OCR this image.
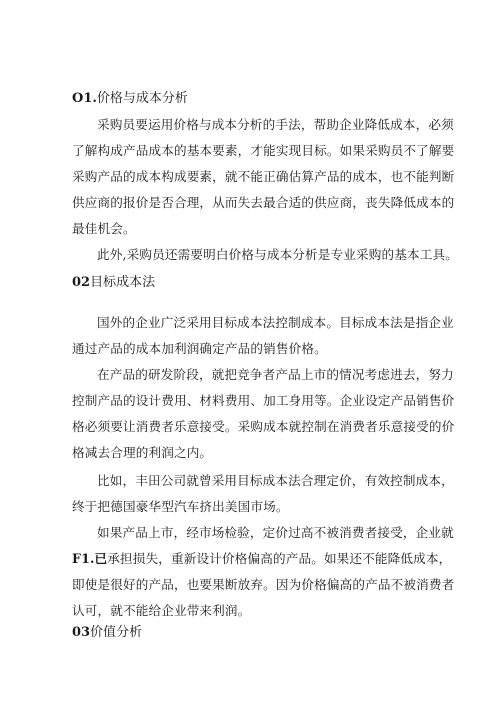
O1.价格与成本分析
采购员要运用价格与成本分析的手法，帮助企业降低成本，必须
了解构成产品成本的基本要素，才能实现目标。如果采购员不了解要
采购产品的成本构成要素，就不能正确估算产品的成本，也不能判断
供应商的报价是否合理，从而失去最合适的供应商，丧失降低成本的
最佳机会。
此外,采购员还需要明白价格与成本分析是专业采购的基本工具。
02目标成本法
国外的企业广泛采用目标成本法控制成本。目标成本法是指企业
通过产品的成本加利润确定产品的销售价格。
在产品的研发阶段，就把竞争者产品上市的情况考虑进去，努力
控制产品的设计费用、材料费用、加工身用等。企业设定产品销售价
格必须要让消费者乐意接受。采购成本就控制在消费者乐意接受的价
格减去合理的利润之内。
比如，丰田公司就曾采用目标成本法合理定价，有效控制成本，
终于把德国豪华型汽车挤出美国市场。
如果产品上市，经市场检验，定价过高不被消费者接受，企业就
F1.已承担损失，重新设计价格偏高的产品。如果还不能降低成本，
即使是很好的产品，也要果断放弃。因为价格偏高的产品不被消费者
认可，就不能给企业带来利润。
03价值分析
